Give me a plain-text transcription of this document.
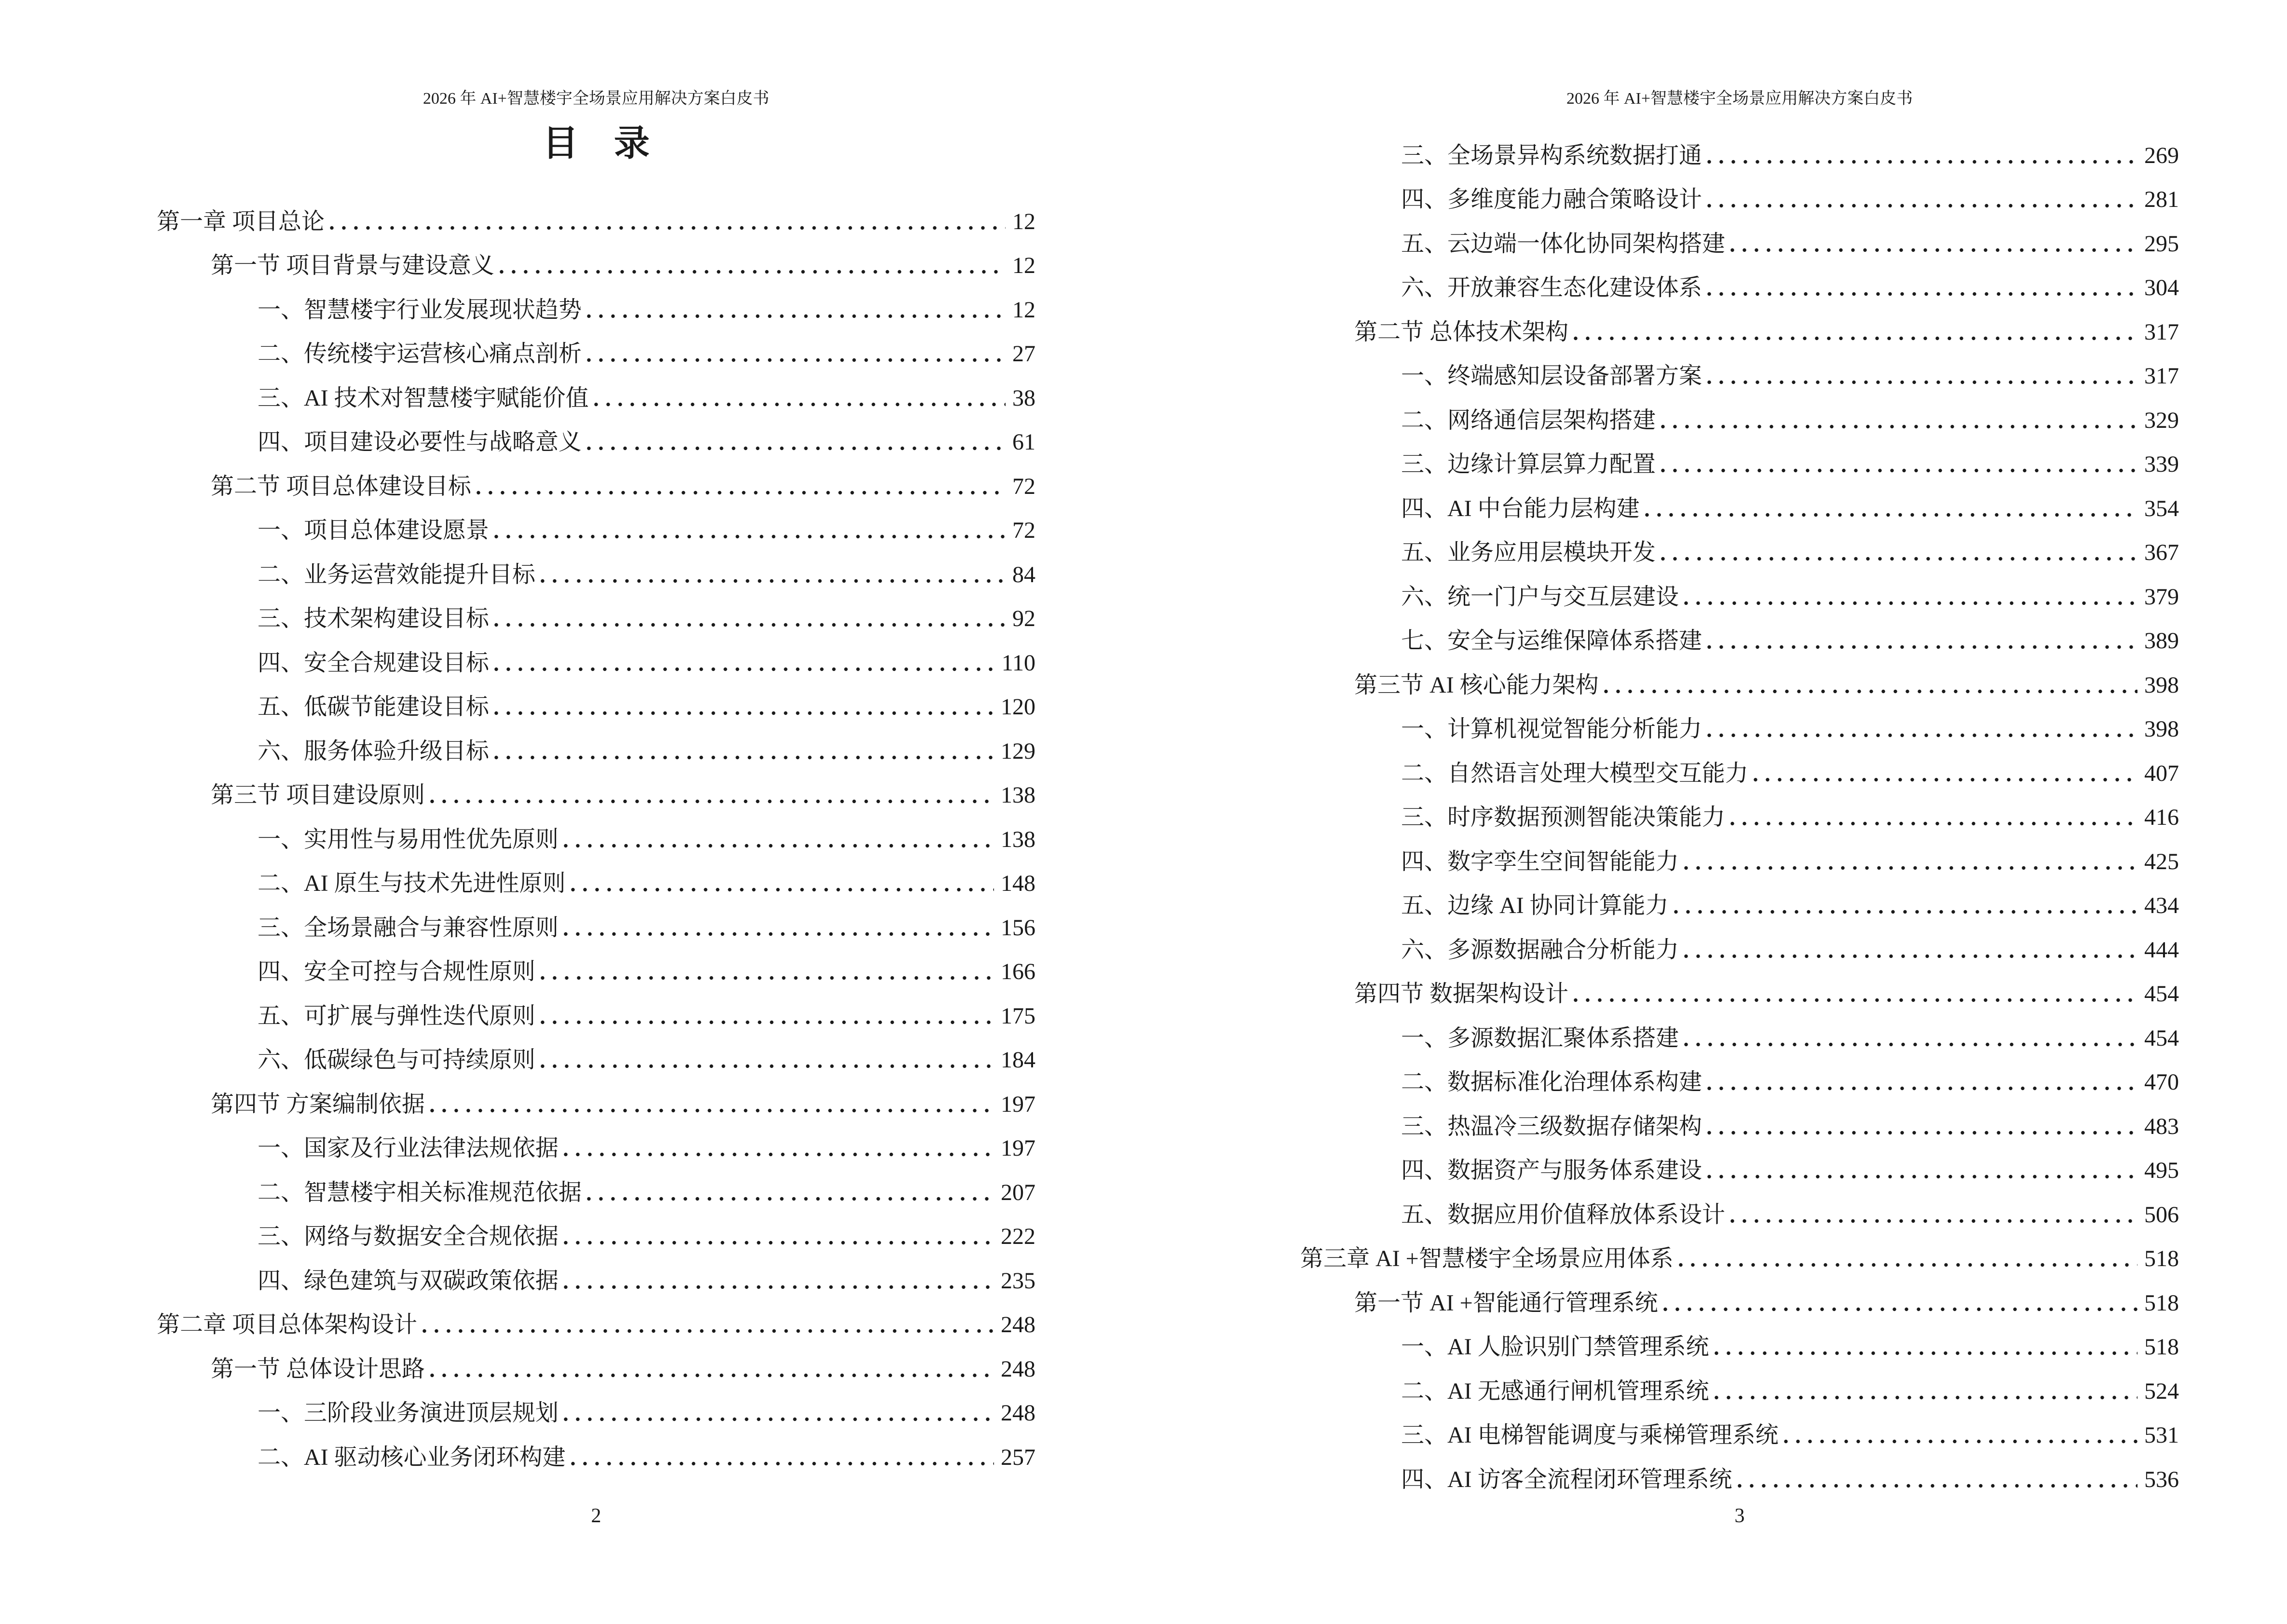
2026 年 AI+智慧楼宇全场景应用解决方案白皮书
目　录
第一章 项目总论	12
第一节 项目背景与建设意义	12
一、智慧楼宇行业发展现状趋势	12
二、传统楼宇运营核心痛点剖析	27
三、AI 技术对智慧楼宇赋能价值	38
四、项目建设必要性与战略意义	61
第二节 项目总体建设目标	72
一、项目总体建设愿景	72
二、业务运营效能提升目标	84
三、技术架构建设目标	92
四、安全合规建设目标	110
五、低碳节能建设目标	120
六、服务体验升级目标	129
第三节 项目建设原则	138
一、实用性与易用性优先原则	138
二、AI 原生与技术先进性原则	148
三、全场景融合与兼容性原则	156
四、安全可控与合规性原则	166
五、可扩展与弹性迭代原则	175
六、低碳绿色与可持续原则	184
第四节 方案编制依据	197
一、国家及行业法律法规依据	197
二、智慧楼宇相关标准规范依据	207
三、网络与数据安全合规依据	222
四、绿色建筑与双碳政策依据	235
第二章 项目总体架构设计	248
第一节 总体设计思路	248
一、三阶段业务演进顶层规划	248
二、AI 驱动核心业务闭环构建	257
2
2026 年 AI+智慧楼宇全场景应用解决方案白皮书
三、全场景异构系统数据打通	269
四、多维度能力融合策略设计	281
五、云边端一体化协同架构搭建	295
六、开放兼容生态化建设体系	304
第二节 总体技术架构	317
一、终端感知层设备部署方案	317
二、网络通信层架构搭建	329
三、边缘计算层算力配置	339
四、AI 中台能力层构建	354
五、业务应用层模块开发	367
六、统一门户与交互层建设	379
七、安全与运维保障体系搭建	389
第三节 AI 核心能力架构	398
一、计算机视觉智能分析能力	398
二、自然语言处理大模型交互能力	407
三、时序数据预测智能决策能力	416
四、数字孪生空间智能能力	425
五、边缘 AI 协同计算能力	434
六、多源数据融合分析能力	444
第四节 数据架构设计	454
一、多源数据汇聚体系搭建	454
二、数据标准化治理体系构建	470
三、热温冷三级数据存储架构	483
四、数据资产与服务体系建设	495
五、数据应用价值释放体系设计	506
第三章 AI +智慧楼宇全场景应用体系	518
第一节 AI +智能通行管理系统	518
一、AI 人脸识别门禁管理系统	518
二、AI 无感通行闸机管理系统	524
三、AI 电梯智能调度与乘梯管理系统	531
四、AI 访客全流程闭环管理系统	536
3
